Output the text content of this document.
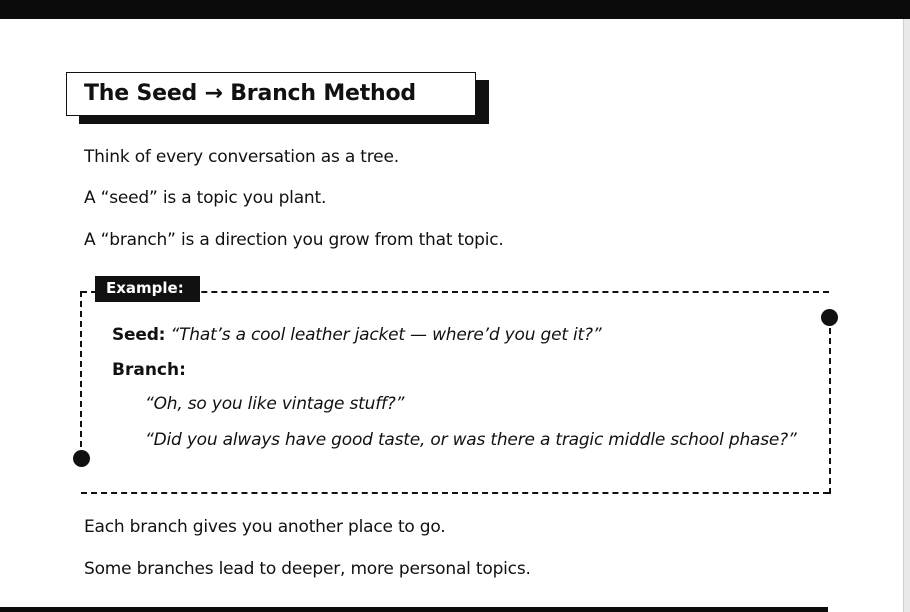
The Seed → Branch Method
Think of every conversation as a tree.
A “seed” is a topic you plant.
A “branch” is a direction you grow from that topic.
Example:
Seed: “That’s a cool leather jacket — where’d you get it?”
Branch:
“Oh, so you like vintage stuff?”
“Did you always have good taste, or was there a tragic middle school phase?”
Each branch gives you another place to go.
Some branches lead to deeper, more personal topics.
